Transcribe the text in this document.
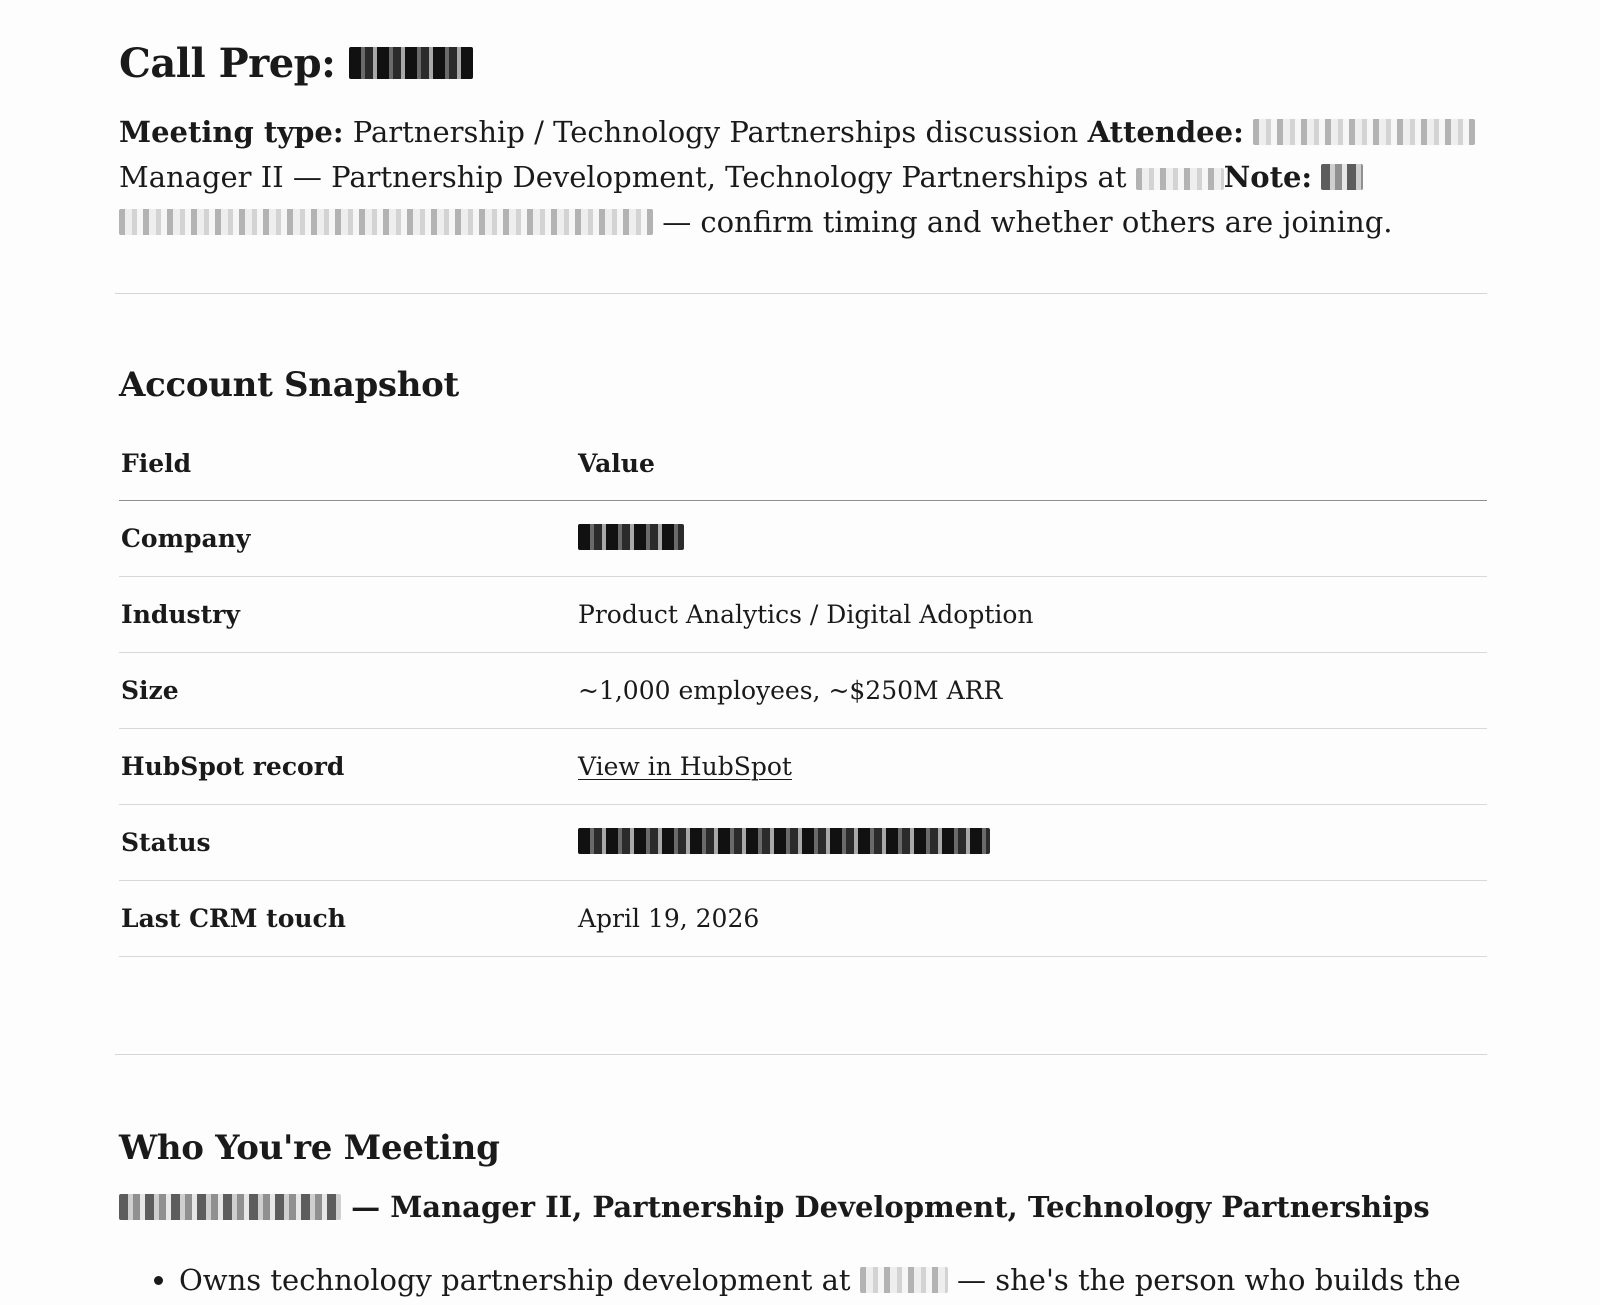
Call Prep:

Meeting type: Partnership / Technology Partnerships discussion Attendee:  Manager II — Partnership Development, Technology Partnerships at	Note:   — confirm timing and whether others are joining.

Account Snapshot
Field	Value
Company	
Industry	Product Analytics / Digital Adoption
Size	~1,000 employees, ~$250M ARR
HubSpot record	View in HubSpot
Status	
Last CRM touch	April 19, 2026
Who You're Meeting

— Manager II, Partnership Development, Technology Partnerships

• Owns technology partnership development at	— she's the person who builds the
